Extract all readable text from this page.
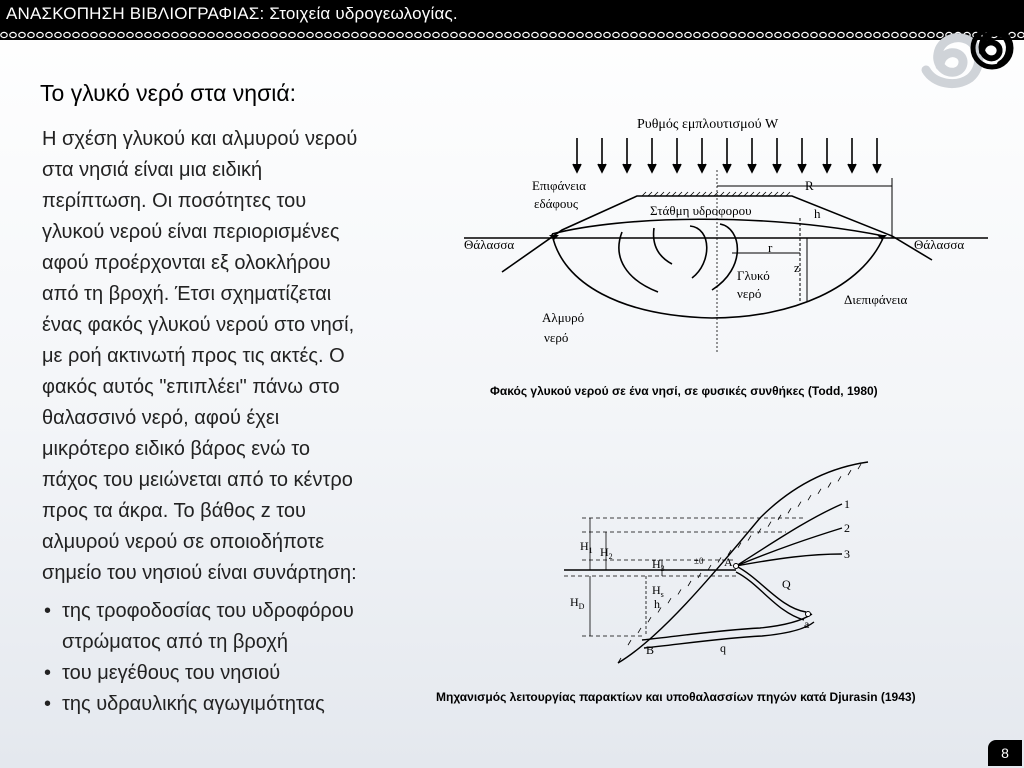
ΑΝΑΣΚΟΠΗΣΗ ΒΙΒΛΙΟΓΡΑΦΙΑΣ: Στοιχεία υδρογεωλογίας.
Το γλυκό νερό στα νησιά:
Η σχέση γλυκού και αλμυρού νερού
στα νησιά είναι μια ειδική
περίπτωση. Οι ποσότητες του
γλυκού νερού είναι περιορισμένες
αφού προέρχονται εξ ολοκλήρου
από τη βροχή. Έτσι σχηματίζεται
ένας φακός γλυκού νερού στο νησί,
με ροή ακτινωτή προς τις ακτές. Ο
φακός αυτός "επιπλέει" πάνω στο
θαλασσινό νερό, αφού έχει
μικρότερο ειδικό βάρος ενώ το
πάχος του μειώνεται από το κέντρο
προς τα άκρα. Το βάθος z του
αλμυρού νερού σε οποιοδήποτε
σημείο του νησιού είναι συνάρτηση:
• της τροφοδοσίας του υδροφόρου
στρώματος από τη βροχή
• του μεγέθους του νησιού
• της υδραυλικής αγωγιμότητας
Ρυθμός εμπλουτισμού W
Επιφάνεια
εδάφους	Στάθμη υδροφορου
Θάλασσα	Θάλασσα
R
r
h
z
Γλυκό
νερό	Διεπιφάνεια
Αλμυρό
νερό
Φακός γλυκού νερού σε ένα νησί, σε φυσικές συνθήκες (Todd, 1980)
1
2
3
$H_1$ $H_2$
$H_3$
$H_s$
$H_D$
±0
h
A
B
Q
a
q
Μηχανισμός λειτουργίας παρακτίων και υποθαλασσίων πηγών κατά Djurasin (1943)
8
